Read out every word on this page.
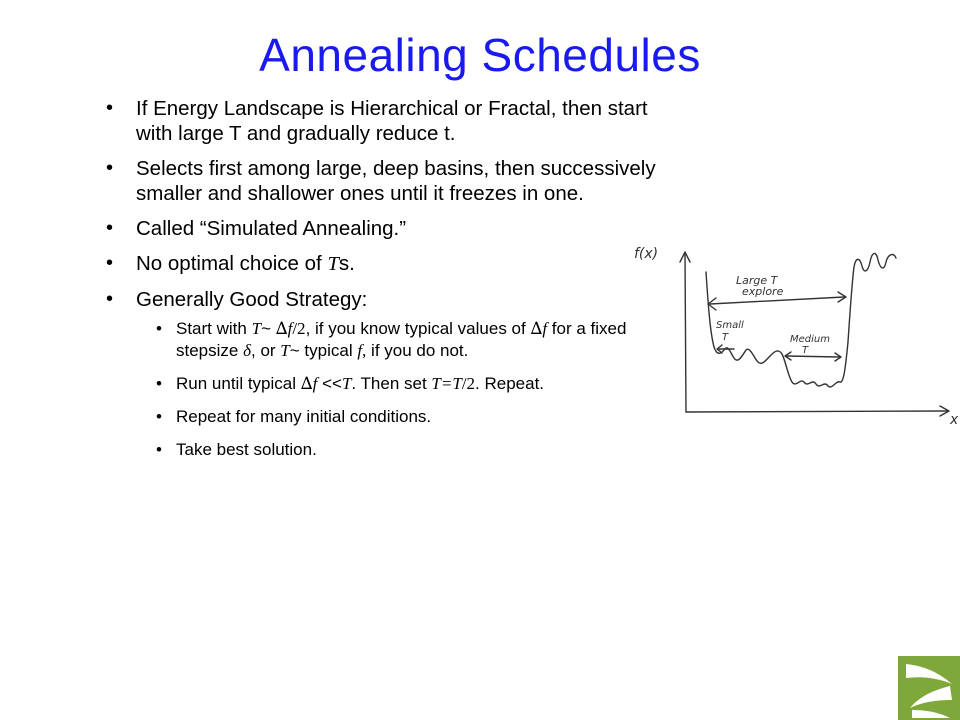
Annealing Schedules
• If Energy Landscape is Hierarchical or Fractal, then start with large T and gradually reduce t.
• Selects first among large, deep basins, then successively smaller and shallower ones until it freezes in one.
• Called “Simulated Annealing.”
• No optimal choice of Ts.
• Generally Good Strategy:
• Start with T~ ∆f/2, if you know typical values of ∆f for a fixed stepsize δ, or T~ typical f, if you do not.
• Run until typical ∆f <<T. Then set T=T/2. Repeat.
• Repeat for many initial conditions.
• Take best solution.
f(x)
x
Large T
explore
Small
T	Medium
T
